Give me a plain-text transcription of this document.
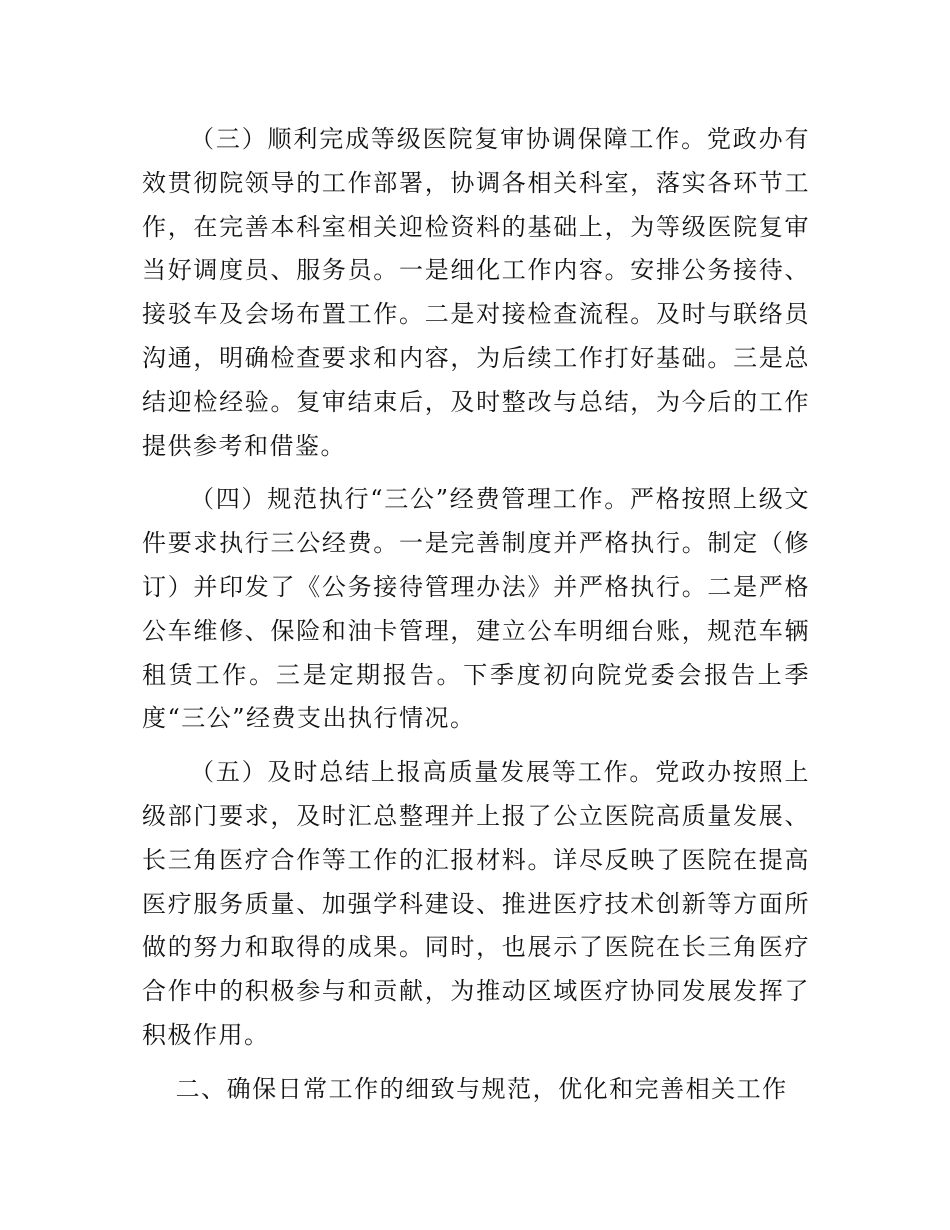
（三）顺利完成等级医院复审协调保障工作。党政办有效贯彻院领导的工作部署，协调各相关科室，落实各环节工作，在完善本科室相关迎检资料的基础上，为等级医院复审当好调度员、服务员。一是细化工作内容。安排公务接待、接驳车及会场布置工作。二是对接检查流程。及时与联络员沟通，明确检查要求和内容，为后续工作打好基础。三是总结迎检经验。复审结束后，及时整改与总结，为今后的工作提供参考和借鉴。

（四）规范执行“三公”经费管理工作。严格按照上级文件要求执行三公经费。一是完善制度并严格执行。制定（修订）并印发了《公务接待管理办法》并严格执行。二是严格公车维修、保险和油卡管理，建立公车明细台账，规范车辆租赁工作。三是定期报告。下季度初向院党委会报告上季度“三公”经费支出执行情况。

（五）及时总结上报高质量发展等工作。党政办按照上级部门要求，及时汇总整理并上报了公立医院高质量发展、长三角医疗合作等工作的汇报材料。详尽反映了医院在提高医疗服务质量、加强学科建设、推进医疗技术创新等方面所做的努力和取得的成果。同时，也展示了医院在长三角医疗合作中的积极参与和贡献，为推动区域医疗协同发展发挥了积极作用。

二、确保日常工作的细致与规范，优化和完善相关工作
